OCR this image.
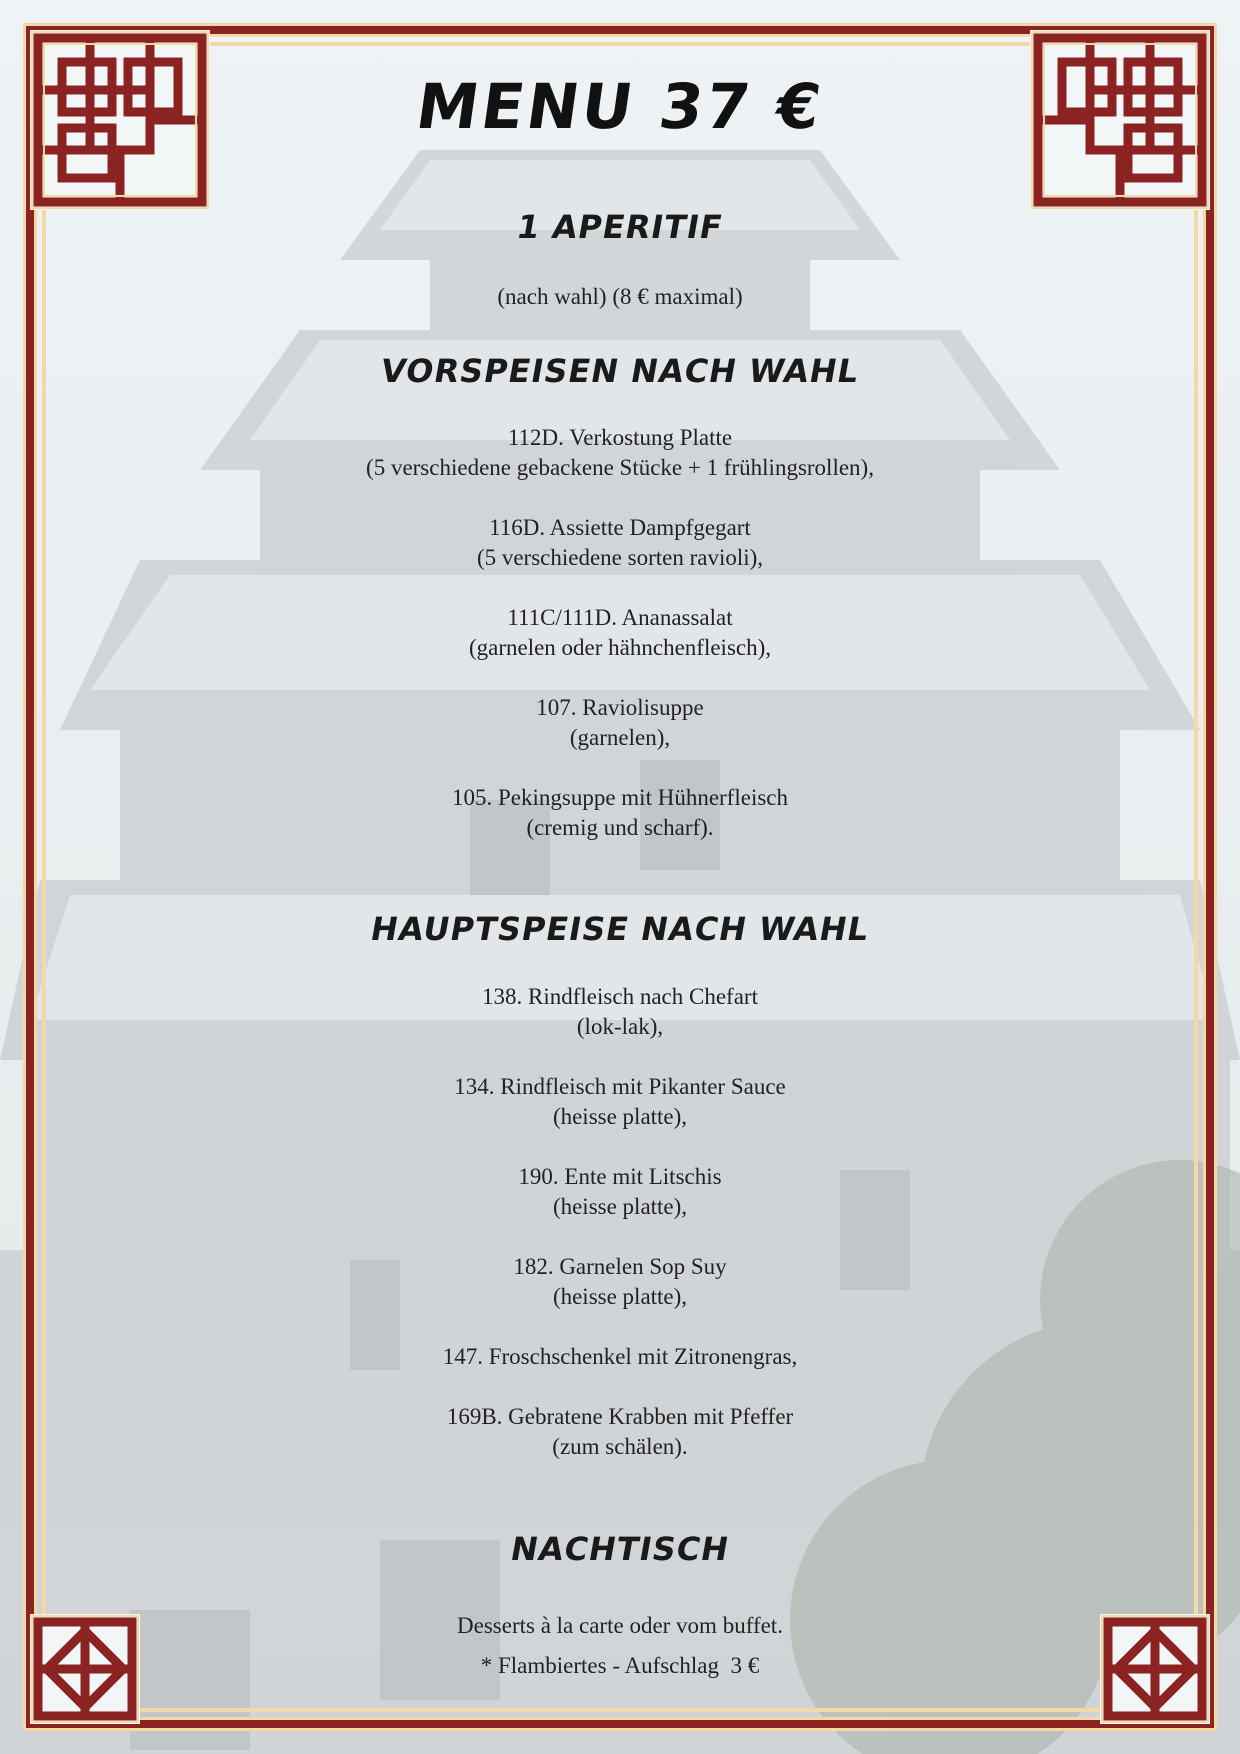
MENU 37 €
1 APERITIF
(nach wahl) (8 € maximal)
VORSPEISEN NACH WAHL
112D. Verkostung Platte
(5 verschiedene gebackene Stücke + 1 frühlingsrollen),
116D. Assiette Dampfgegart
(5 verschiedene sorten ravioli),
111C/111D. Ananassalat
(garnelen oder hähnchenfleisch),
107. Raviolisuppe
(garnelen),
105. Pekingsuppe mit Hühnerfleisch
(cremig und scharf).
HAUPTSPEISE NACH WAHL
138. Rindfleisch nach Chefart
(lok-lak),
134. Rindfleisch mit Pikanter Sauce
(heisse platte),
190. Ente mit Litschis
(heisse platte),
182. Garnelen Sop Suy
(heisse platte),
147. Froschschenkel mit Zitronengras,
169B. Gebratene Krabben mit Pfeffer
(zum schälen).
NACHTISCH
Desserts à la carte oder vom buffet.
* Flambiertes - Aufschlag  3 €
